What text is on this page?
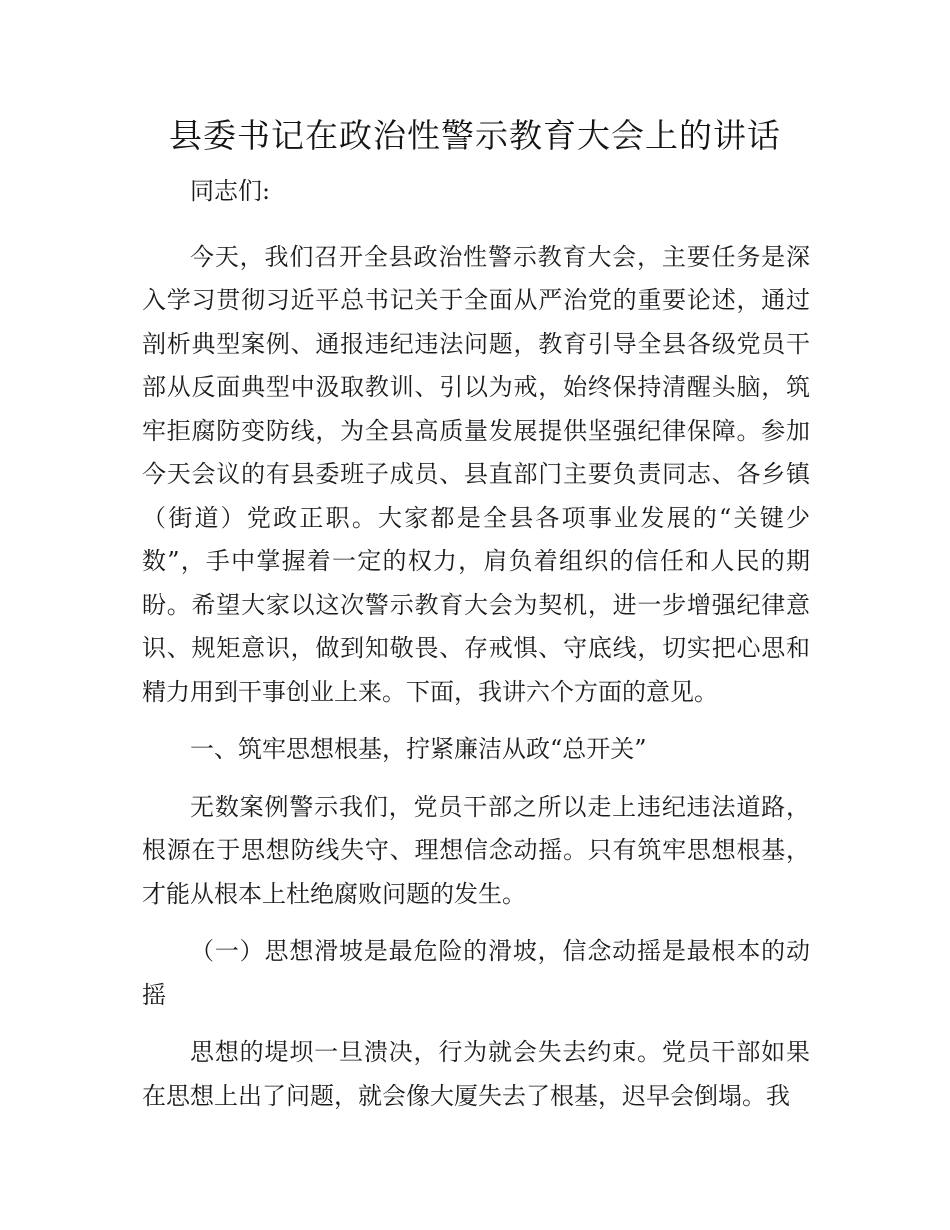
县委书记在政治性警示教育大会上的讲话

同志们:

今天，我们召开全县政治性警示教育大会，主要任务是深入学习贯彻习近平总书记关于全面从严治党的重要论述，通过剖析典型案例、通报违纪违法问题，教育引导全县各级党员干部从反面典型中汲取教训、引以为戒，始终保持清醒头脑，筑牢拒腐防变防线，为全县高质量发展提供坚强纪律保障。参加今天会议的有县委班子成员、县直部门主要负责同志、各乡镇（街道）党政正职。大家都是全县各项事业发展的“关键少数”，手中掌握着一定的权力，肩负着组织的信任和人民的期盼。希望大家以这次警示教育大会为契机，进一步增强纪律意识、规矩意识，做到知敬畏、存戒惧、守底线，切实把心思和精力用到干事创业上来。下面，我讲六个方面的意见。

一、筑牢思想根基，拧紧廉洁从政“总开关”

无数案例警示我们，党员干部之所以走上违纪违法道路，根源在于思想防线失守、理想信念动摇。只有筑牢思想根基，才能从根本上杜绝腐败问题的发生。

（一）思想滑坡是最危险的滑坡，信念动摇是最根本的动摇

思想的堤坝一旦溃决，行为就会失去约束。党员干部如果在思想上出了问题，就会像大厦失去了根基，迟早会倒塌。我
